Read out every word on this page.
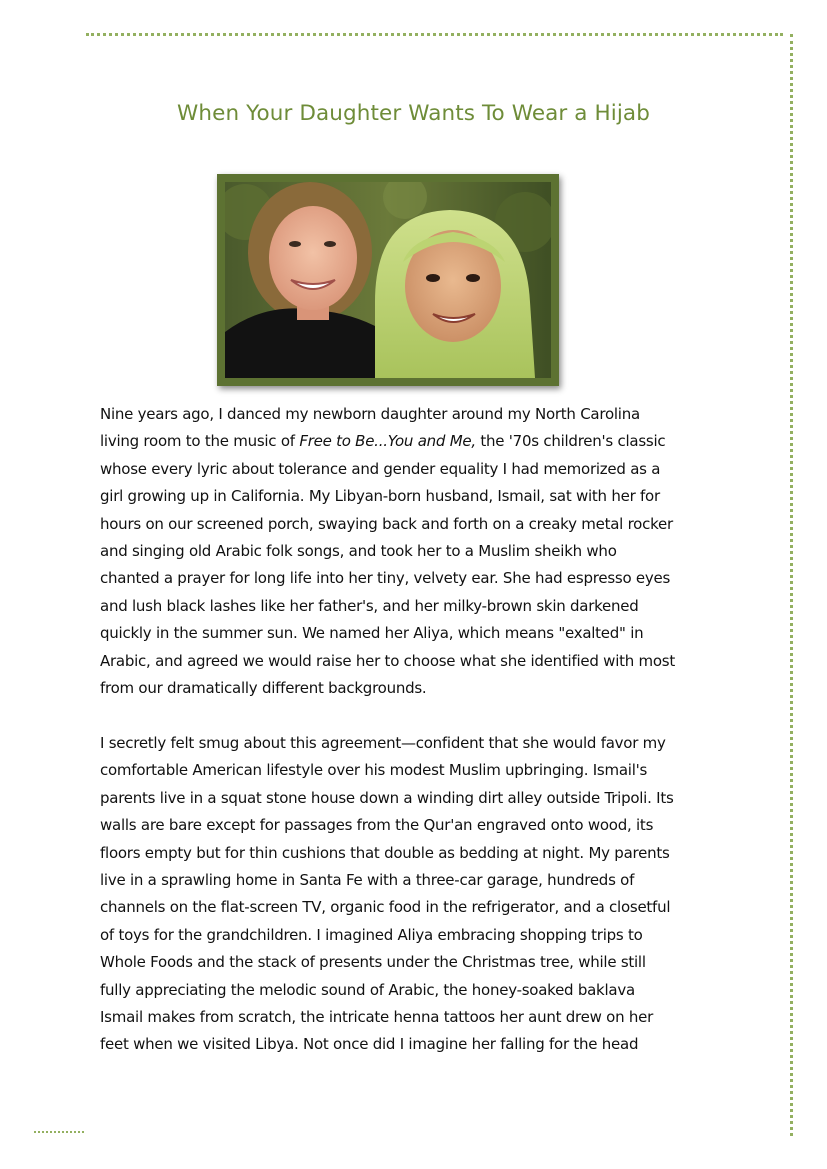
When Your Daughter Wants To Wear a Hijab
Nine years ago, I danced my newborn daughter around my North Carolina
living room to the music of Free to Be...You and Me, the '70s children's classic
whose every lyric about tolerance and gender equality I had memorized as a
girl growing up in California. My Libyan-born husband, Ismail, sat with her for
hours on our screened porch, swaying back and forth on a creaky metal rocker
and singing old Arabic folk songs, and took her to a Muslim sheikh who
chanted a prayer for long life into her tiny, velvety ear. She had espresso eyes
and lush black lashes like her father's, and her milky-brown skin darkened
quickly in the summer sun. We named her Aliya, which means "exalted" in
Arabic, and agreed we would raise her to choose what she identified with most
from our dramatically different backgrounds.
I secretly felt smug about this agreement—confident that she would favor my
comfortable American lifestyle over his modest Muslim upbringing. Ismail's
parents live in a squat stone house down a winding dirt alley outside Tripoli. Its
walls are bare except for passages from the Qur'an engraved onto wood, its
floors empty but for thin cushions that double as bedding at night. My parents
live in a sprawling home in Santa Fe with a three-car garage, hundreds of
channels on the flat-screen TV, organic food in the refrigerator, and a closetful
of toys for the grandchildren. I imagined Aliya embracing shopping trips to
Whole Foods and the stack of presents under the Christmas tree, while still
fully appreciating the melodic sound of Arabic, the honey-soaked baklava
Ismail makes from scratch, the intricate henna tattoos her aunt drew on her
feet when we visited Libya. Not once did I imagine her falling for the head
